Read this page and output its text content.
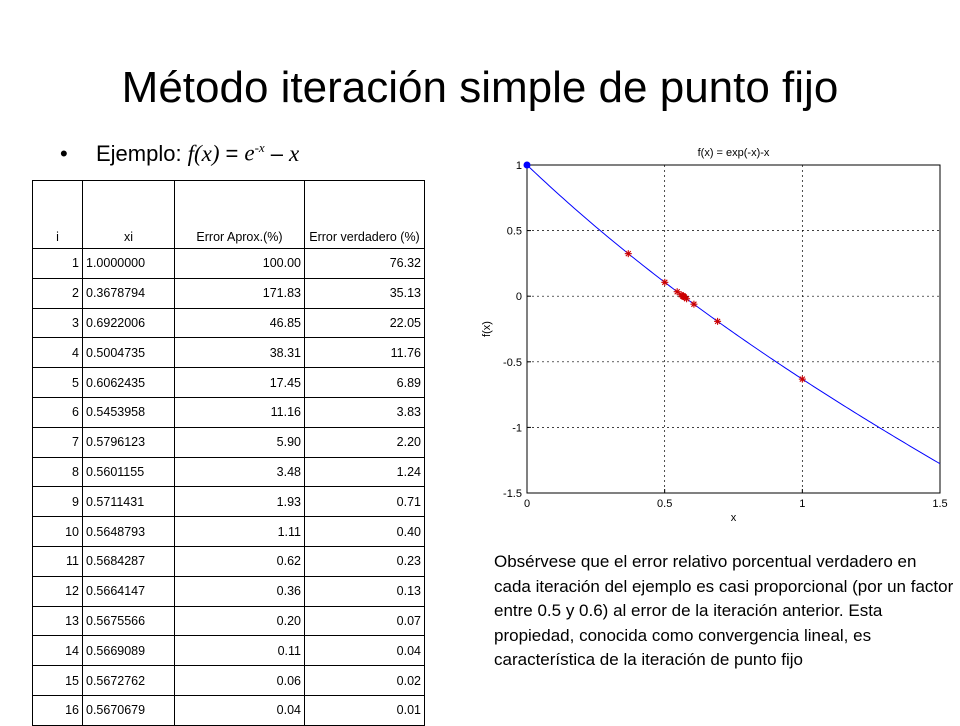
Método iteración simple de punto fijo
•	Ejemplo: $f(x) = e^{-x} - x$
i	xi	Error Aprox.(%)	Error verdadero (%)
1	1.0000000	100.00	76.32
2	0.3678794	171.83	35.13
3	0.6922006	46.85	22.05
4	0.5004735	38.31	11.76
5	0.6062435	17.45	6.89
6	0.5453958	11.16	3.83
7	0.5796123	5.90	2.20
8	0.5601155	3.48	1.24
9	0.5711431	1.93	0.71
10	0.5648793	1.11	0.40
11	0.5684287	0.62	0.23
12	0.5664147	0.36	0.13
13	0.5675566	0.20	0.07
14	0.5669089	0.11	0.04
15	0.5672762	0.06	0.02
16	0.5670679	0.04	0.01
0	0.5	1	1.5
-1.5
-1
-0.5
0
0.5
1
f(x) = exp(-x)-x
x
f(x)
Obsérvese que el error relativo porcentual verdadero en cada iteración del ejemplo es casi proporcional (por un factor entre 0.5 y 0.6) al error de la iteración anterior. Esta propiedad, conocida como convergencia lineal, es característica de la iteración de punto fijo
